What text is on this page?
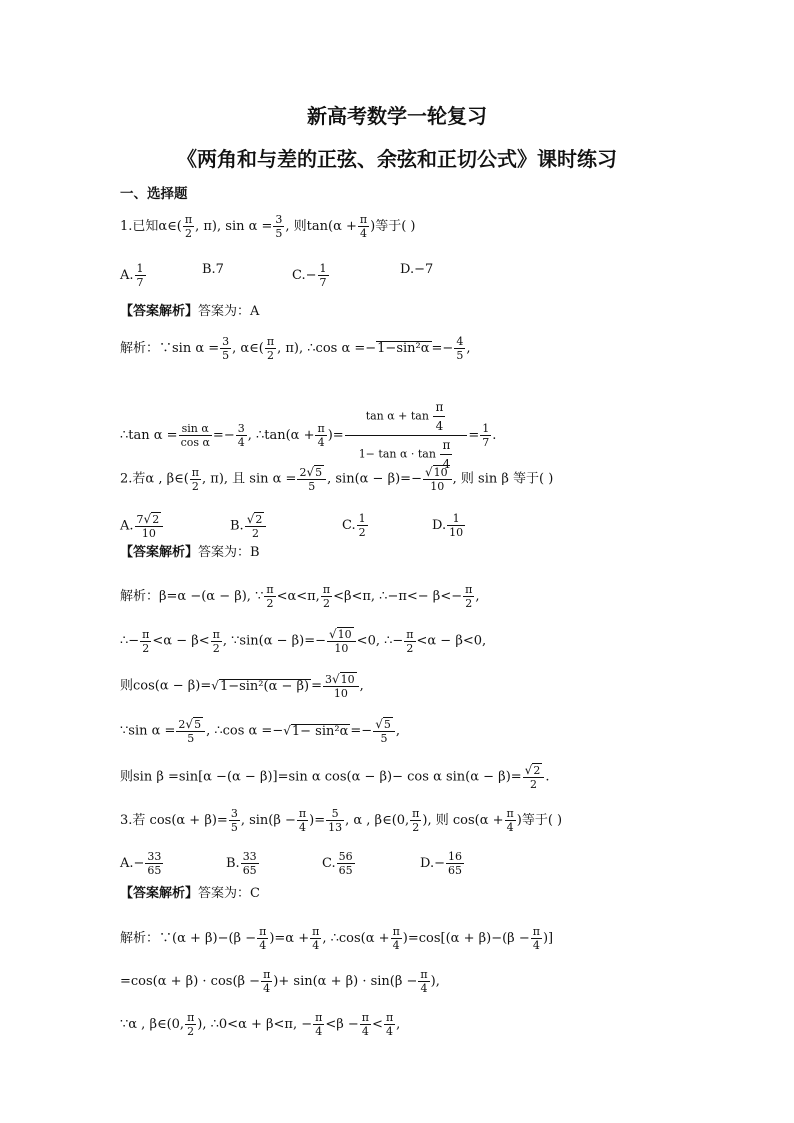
新高考数学一轮复习
《两角和与差的正弦、余弦和正切公式》课时练习
一、选择题
1.已知α∈( $\frac{\pi}{2}$ , π), $\sin \alpha = \frac{3}{5}$ , 则$\tan(\alpha + \frac{\pi}{4}$ )等于( )
A. $\frac{1}{7}$	B.7	$C.- \frac{1}{7}$	D.−7
【答案解析】答案为：A
解析：∵sin $\alpha = \frac{3}{5}$ , α∈( $\frac{\pi}{2}$ , π), ∴cos $\alpha =-1-\sin^2\alpha =- \frac{4}{5}$ ,
∴tan $\alpha = \frac{\text{sin α}}{\text{cos α}} =- \frac{3}{4}$ , ∴tan(α + $\frac{\pi}{4}$ )= $\frac{\tan \alpha + \tan \frac{\pi}{4}}{1- \tan \alpha \cdot \tan \frac{\pi}{4}} = \frac{1}{7}$ .
2.若α , β∈( $\frac{\pi}{2}$ , π), 且 $\sin \alpha = \frac{2√5}{5}$ , $\sin(\alpha - \beta)=- \frac{√10}{10}$ , 则 sin β 等于( )
A. $\frac{7√2}{10}$	B. $\frac{√2}{2}$	C. $\frac{1}{2}$	D. $\frac{1}{10}$
【答案解析】答案为：B
解析：β=α −(α − β), ∵ $\frac{\pi}{2} <\alpha<\pi$, $\frac{\pi}{2} <\beta<\pi$, ∴−π<− $\beta<- \frac{\pi}{2}$ ,
∴− $\frac{\pi}{2} <\alpha - \beta< \frac{\pi}{2}$ , ∵sin(α − $\beta)=- \frac{√10}{10} <0$, ∴− $\frac{\pi}{2} <\alpha - \beta<0$,
则$\cos(\alpha - \beta)=√1-\sin^2(\alpha - \beta) = \frac{3√10}{10}$ ,
∵sin $\alpha = \frac{2√5}{5}$ , ∴cos $\alpha =-√1- \sin^2\alpha =- \frac{√5}{5}$ ,
则sin β =sin[α −(α − β)]=sin α cos(α − β)− cos α $\sin(\alpha - \beta)= \frac{√2}{2}$ .
3.若 $\cos(\alpha + \beta)= \frac{3}{5}$ , $\sin(\beta - \frac{\pi}{4}$ )= $\frac{5}{13}$ , α , β∈(0, $\frac{\pi}{2}$ ), 则 $\cos(\alpha + \frac{\pi}{4}$ )等于( )
$A.- \frac{33}{65}$	B. $\frac{33}{65}$	C. $\frac{56}{65}$	$D.- \frac{16}{65}$
【答案解析】答案为：C
解析：∵(α + $\beta)-(\beta - \frac{\pi}{4} )=\alpha + \frac{\pi}{4}$ , ∴cos(α + $\frac{\pi}{4} )=\cos[(\alpha + \beta)-(\beta - \frac{\pi}{4}$ )]
$=\cos(\alpha + \beta) \cdot \cos(\beta - \frac{\pi}{4}$ )+ $\sin(\alpha + \beta) \cdot \sin(\beta - \frac{\pi}{4}$ ),
∵α , β∈(0, $\frac{\pi}{2}$ ), ∴0<α + β<π, − $\frac{\pi}{4} <\beta - \frac{\pi}{4} < \frac{\pi}{4}$ ,
